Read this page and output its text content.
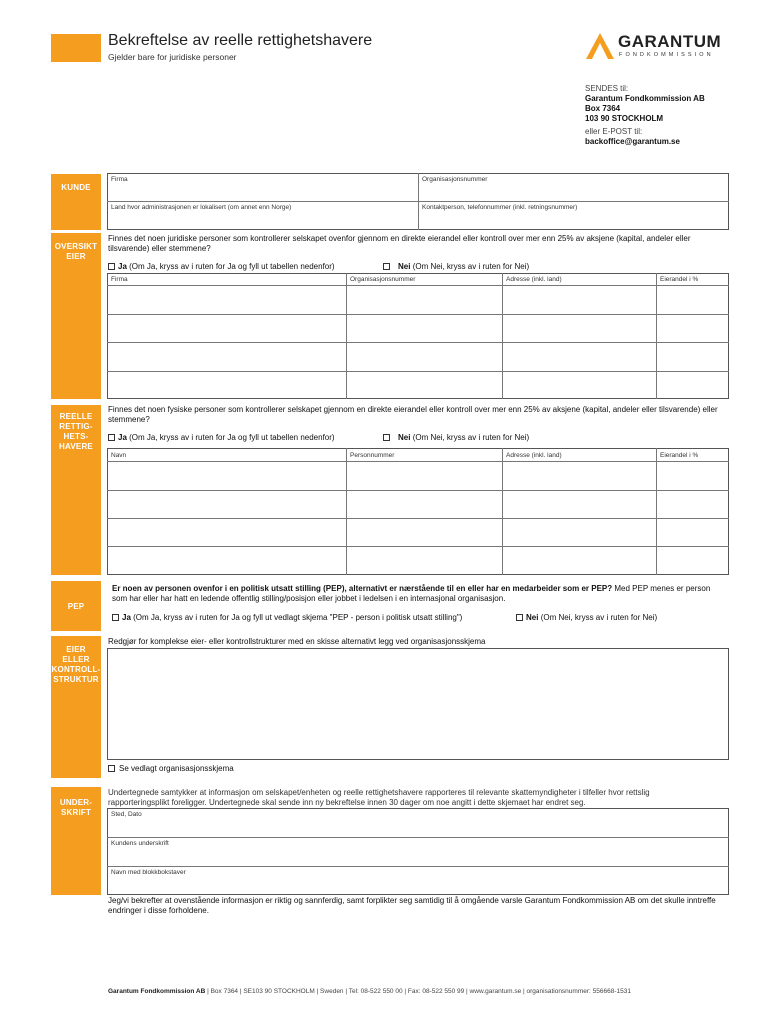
Bekreftelse av reelle rettighetshavere
Gjelder bare for juridiske personer
GARANTUM
FONDKOMMISSION
SENDES til:
Garantum Fondkommission AB
Box 7364
103 90 STOCKHOLM
eller E-POST til:
backoffice@garantum.se
KUNDE
Firma	Organisasjonsnummer
Land hvor administrasjonen er lokalisert (om annet enn Norge)	Kontaktperson, telefonnummer (inkl. retningsnummer)
OVERSIKT
EIER
Finnes det noen juridiske personer som kontrollerer selskapet ovenfor gjennom en direkte eierandel eller kontroll over mer enn 25% av aksjene (kapital, andeler eller tilsvarende) eller stemmene?
Ja (Om Ja, kryss av i ruten for Ja og fyll ut tabellen nedenfor)	Nei (Om Nei, kryss av i ruten for Nei)
Firma	Organisasjonsnummer	Adresse (inkl. land)	Eierandel i %
REELLE
RETTIG-
HETS-
HAVERE
Finnes det noen fysiske personer som kontrollerer selskapet gjennom en direkte eierandel eller kontroll over mer enn 25% av aksjene (kapital, andeler eller tilsvarende) eller stemmene?
Ja (Om Ja, kryss av i ruten for Ja og fyll ut tabellen nedenfor)	Nei (Om Nei, kryss av i ruten for Nei)
Navn	Personnummer	Adresse (inkl. land)	Eierandel i %
PEP
Er noen av personen ovenfor i en politisk utsatt stilling (PEP), alternativt er nærstående til en eller har en medarbeider som er PEP? Med PEP menes er person som har eller har hatt en ledende offentlig stilling/posisjon eller jobbet i ledelsen i en internasjonal organisasjon.
Ja (Om Ja, kryss av i ruten for Ja og fyll ut vedlagt skjema "PEP - person i politisk utsatt stilling")	Nei (Om Nei, kryss av i ruten for Nei)
EIER
ELLER
KONTROLL-
STRUKTUR
Redgjør for komplekse eier- eller kontrollstrukturer med en skisse alternativt legg ved organisasjonsskjema
Se vedlagt organisasjonsskjema
UNDER-
SKRIFT
Undertegnede samtykker at informasjon om selskapet/enheten og reelle rettighetshavere rapporteres til relevante skattemyndigheter i tilfeller hvor rettslig rapporteringsplikt foreligger. Undertegnede skal sende inn ny bekreftelse innen 30 dager om noe angitt i dette skjemaet har endret seg.
Sted, Dato
Kundens underskrift
Navn med blokkbokstaver
Jeg/vi bekrefter at ovenstående informasjon er riktig og sannferdig, samt forplikter seg samtidig til å omgående varsle Garantum Fondkommission AB om det skulle inntreffe endringer i disse forholdene.
Garantum Fondkommission AB | Box 7364 | SE103 90 STOCKHOLM | Sweden | Tel: 08-522 550 00 | Fax: 08-522 550 99 | www.garantum.se | organisationsnummer: 556668-1531
